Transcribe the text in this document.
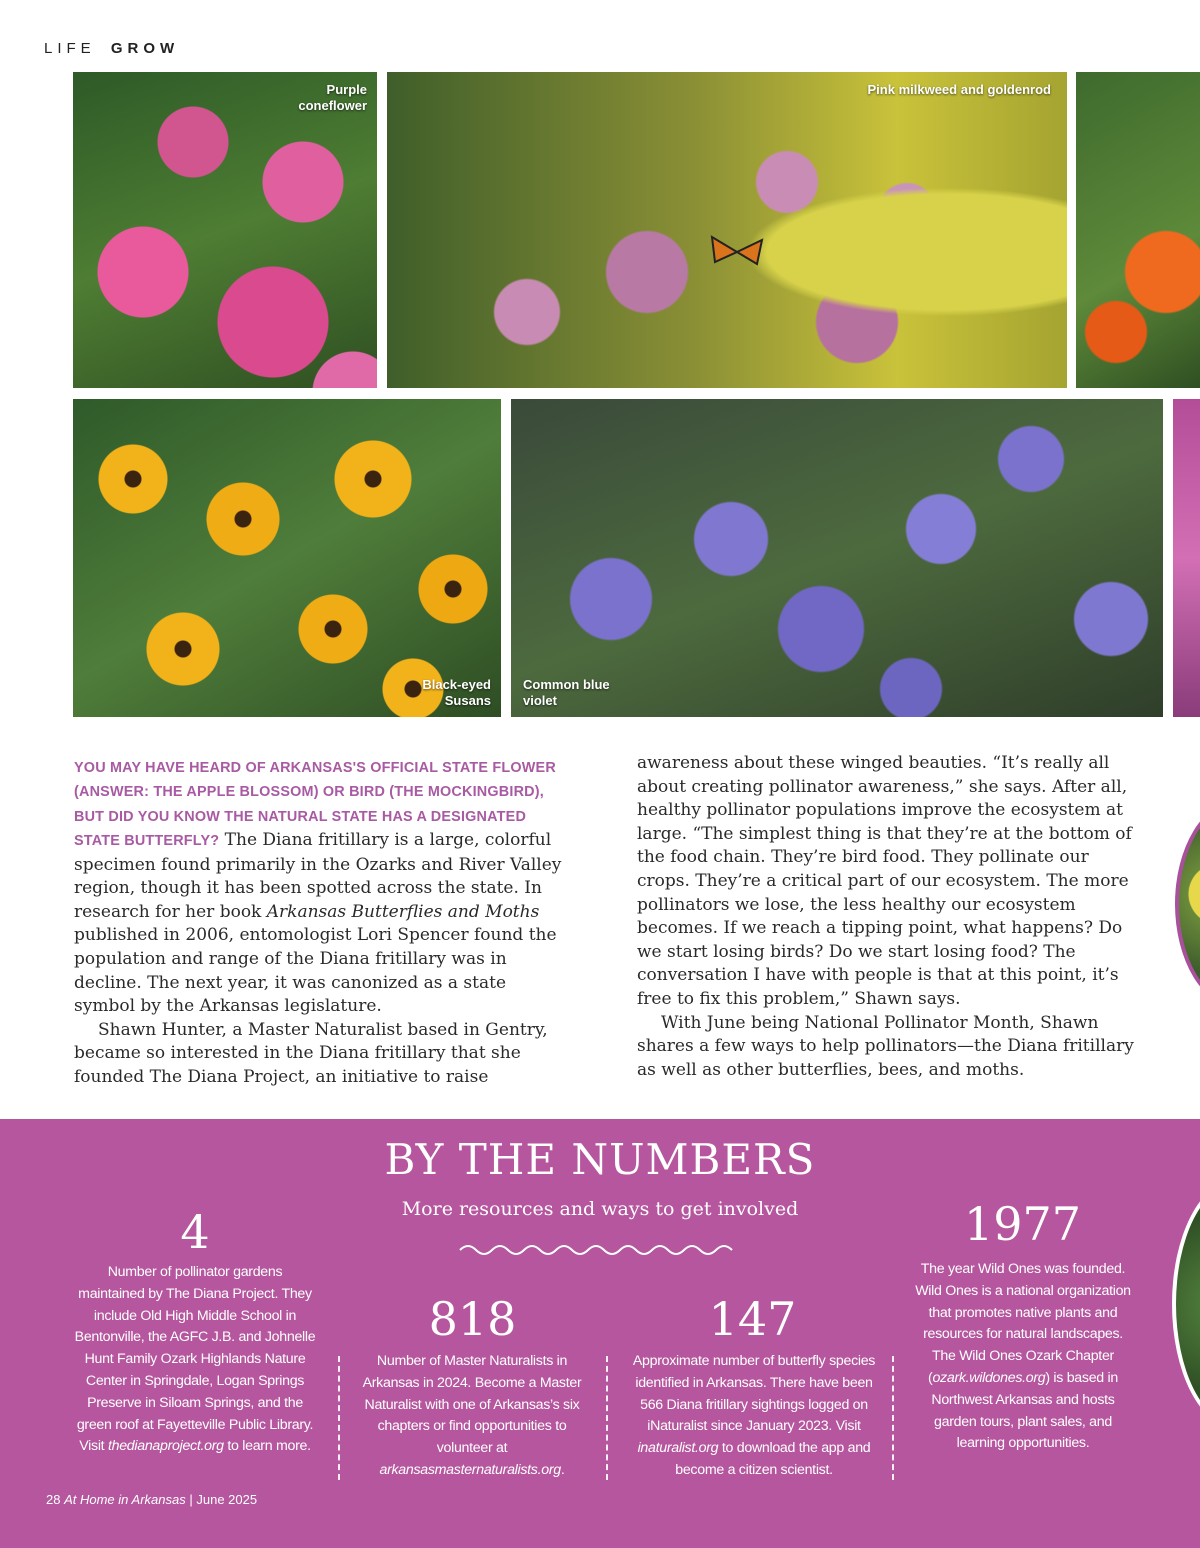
LIFE GROW
Purple
coneflower
Pink milkweed and goldenrod
Black-eyed
Susans
Common blue
violet
YOU MAY HAVE HEARD OF ARKANSAS'S OFFICIAL STATE FLOWER (ANSWER: THE APPLE BLOSSOM) OR BIRD (THE MOCKINGBIRD), BUT DID YOU KNOW THE NATURAL STATE HAS A DESIGNATED STATE BUTTERFLY? The Diana fritillary is a large, colorful specimen found primarily in the Ozarks and River Valley region, though it has been spotted across the state. In research for her book Arkansas Butterflies and Moths published in 2006, entomologist Lori Spencer found the population and range of the Diana fritillary was in decline. The next year, it was canonized as a state symbol by the Arkansas legislature.
Shawn Hunter, a Master Naturalist based in Gentry, became so interested in the Diana fritillary that she founded The Diana Project, an initiative to raise
awareness about these winged beauties. “It’s really all about creating pollinator awareness,” she says. After all, healthy pollinator populations improve the ecosystem at large. “The simplest thing is that they’re at the bottom of the food chain. They’re bird food. They pollinate our crops. They’re a critical part of our ecosystem. The more pollinators we lose, the less healthy our ecosystem becomes. If we reach a tipping point, what happens? Do we start losing birds? Do we start losing food? The conversation I have with people is that at this point, it’s free to fix this problem,” Shawn says.
With June being National Pollinator Month, Shawn shares a few ways to help pollinators—the Diana fritillary as well as other butterflies, bees, and moths.
BY THE NUMBERS
More resources and ways to get involved
4
Number of pollinator gardens maintained by The Diana Project. They include Old High Middle School in Bentonville, the AGFC J.B. and Johnelle Hunt Family Ozark Highlands Nature Center in Springdale, Logan Springs Preserve in Siloam Springs, and the green roof at Fayetteville Public Library. Visit thedianaproject.org to learn more.
818
Number of Master Naturalists in Arkansas in 2024. Become a Master Naturalist with one of Arkansas’s six chapters or find opportunities to volunteer at arkansasmasternaturalists.org.
147
Approximate number of butterfly species identified in Arkansas. There have been 566 Diana fritillary sightings logged on iNaturalist since January 2023. Visit inaturalist.org to download the app and become a citizen scientist.
1977
The year Wild Ones was founded. Wild Ones is a national organization that promotes native plants and resources for natural landscapes. The Wild Ones Ozark Chapter (ozark.wildones.org) is based in Northwest Arkansas and hosts garden tours, plant sales, and learning opportunities.
28 At Home in Arkansas | June 2025
